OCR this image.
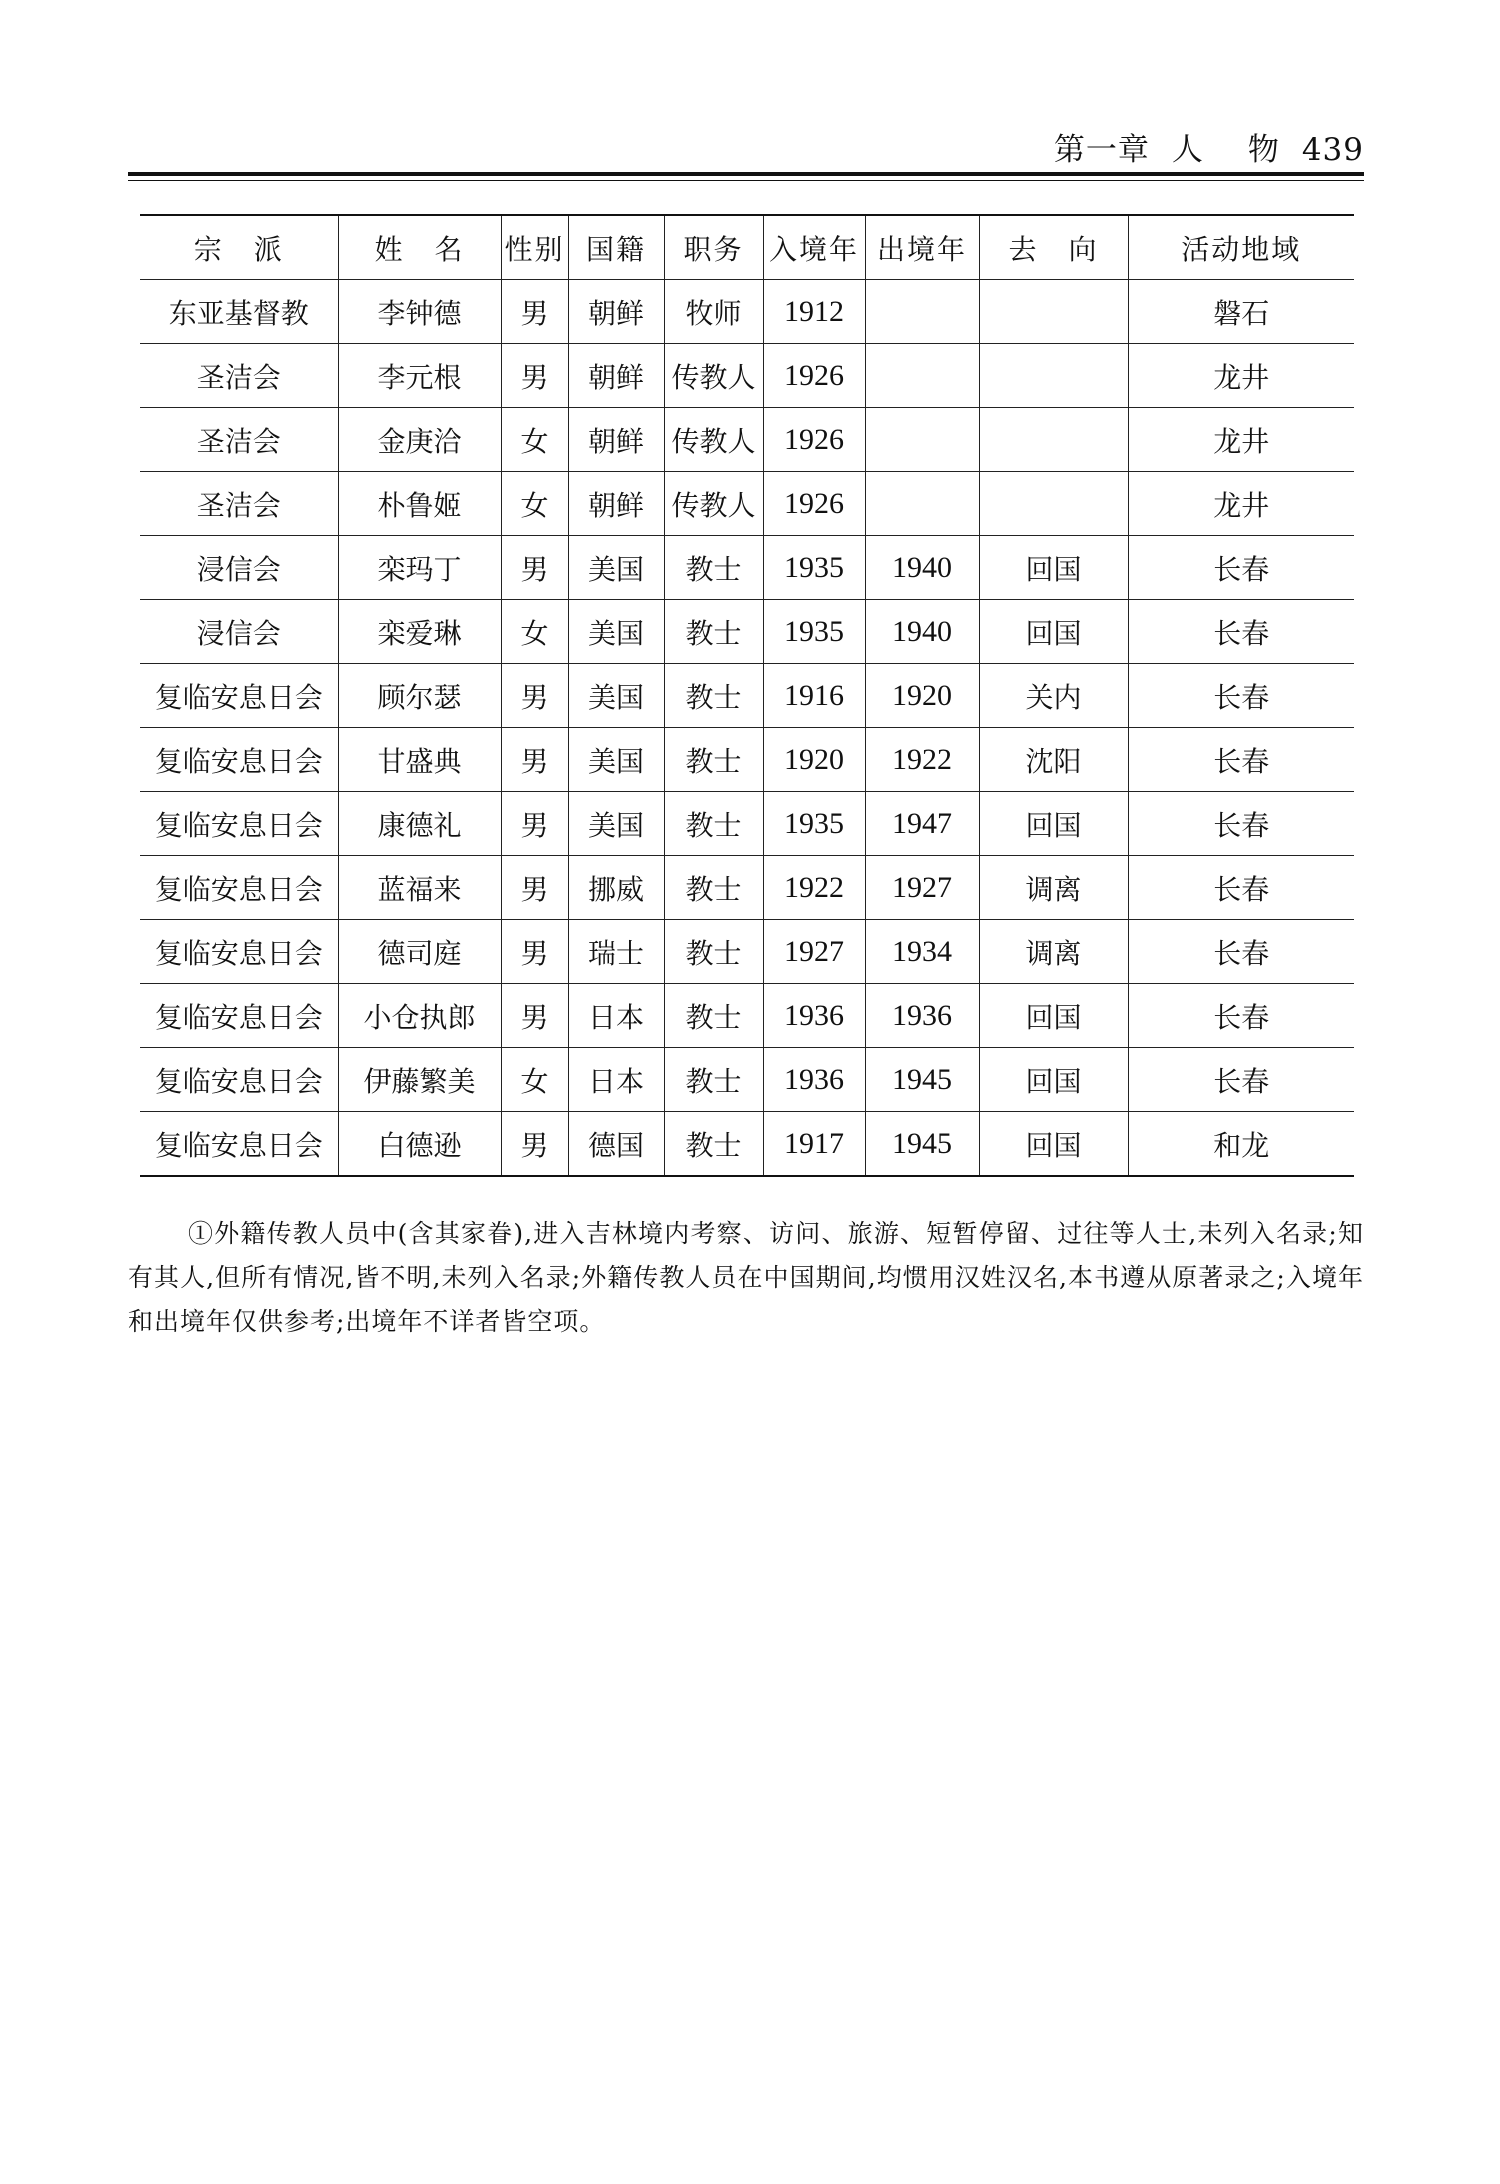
第一章 人 物 439
宗　派	姓　名	性别	国籍	职务	入境年	出境年	去　向	活动地域
东亚基督教	李钟德	男	朝鲜	牧师	1912			磐石
圣洁会	李元根	男	朝鲜	传教人	1926			龙井
圣洁会	金庚洽	女	朝鲜	传教人	1926			龙井
圣洁会	朴鲁姬	女	朝鲜	传教人	1926			龙井
浸信会	栾玛丁	男	美国	教士	1935	1940	回国	长春
浸信会	栾爱琳	女	美国	教士	1935	1940	回国	长春
复临安息日会	顾尔瑟	男	美国	教士	1916	1920	关内	长春
复临安息日会	甘盛典	男	美国	教士	1920	1922	沈阳	长春
复临安息日会	康德礼	男	美国	教士	1935	1947	回国	长春
复临安息日会	蓝福来	男	挪威	教士	1922	1927	调离	长春
复临安息日会	德司庭	男	瑞士	教士	1927	1934	调离	长春
复临安息日会	小仓执郎	男	日本	教士	1936	1936	回国	长春
复临安息日会	伊藤繁美	女	日本	教士	1936	1945	回国	长春
复临安息日会	白德逊	男	德国	教士	1917	1945	回国	和龙

①外籍传教人员中(含其家眷),进入吉林境内考察、访问、旅游、短暂停留、过往等人士,未列入名录;知有其人,但所有情况,皆不明,未列入名录;外籍传教人员在中国期间,均惯用汉姓汉名,本书遵从原著录之;入境年和出境年仅供参考;出境年不详者皆空项。
